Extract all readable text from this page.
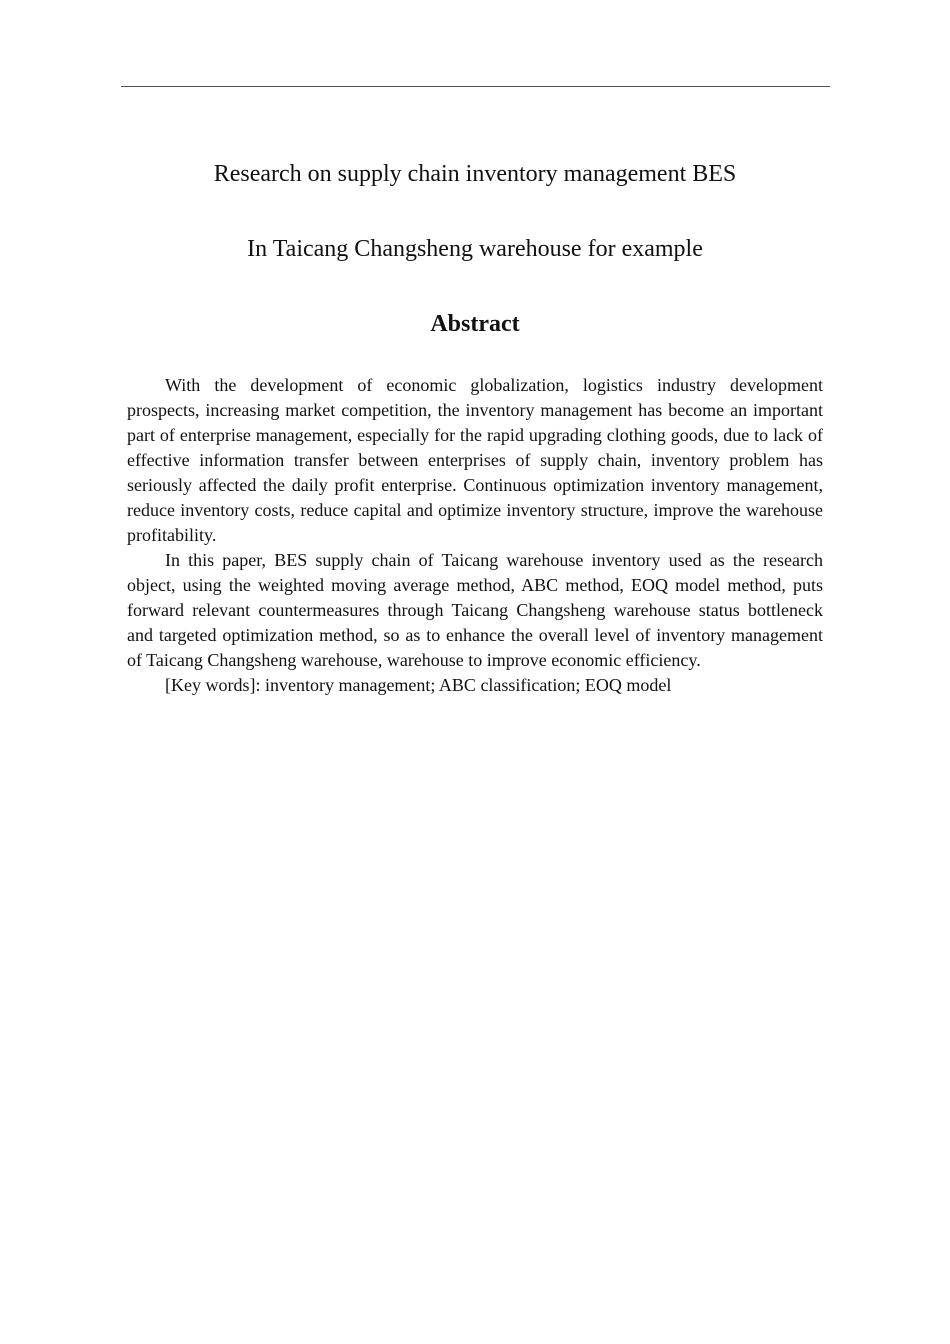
Research on supply chain inventory management BES
In Taicang Changsheng warehouse for example
Abstract

With the development of economic globalization, logistics industry development prospects, increasing market competition, the inventory management has become an important part of enterprise management, especially for the rapid upgrading clothing goods, due to lack of effective information transfer between enterprises of supply chain, inventory problem has seriously affected the daily profit enterprise. Continuous optimization inventory management, reduce inventory costs, reduce capital and optimize inventory structure, improve the warehouse profitability.

In this paper, BES supply chain of Taicang warehouse inventory used as the research object, using the weighted moving average method, ABC method, EOQ model method, puts forward relevant countermeasures through Taicang Changsheng warehouse status bottleneck and targeted optimization method, so as to enhance the overall level of inventory management of Taicang Changsheng warehouse, warehouse to improve economic efficiency.

[Key words]: inventory management; ABC classification; EOQ model
